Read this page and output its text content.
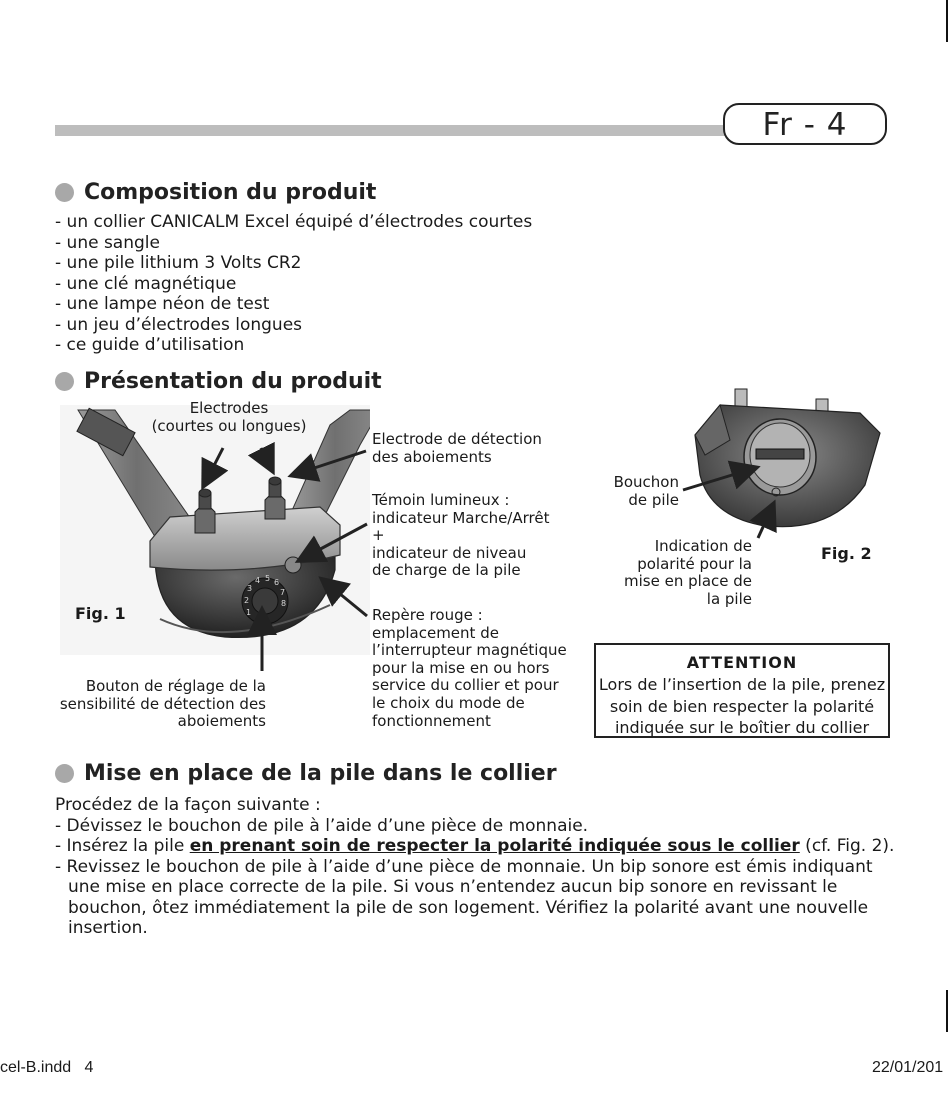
Fr - 4
Composition du produit
- un collier CANICALM Excel équipé d’électrodes courtes
- une sangle
- une pile lithium 3 Volts CR2
- une clé magnétique
- une lampe néon de test
- un jeu d’électrodes longues
- ce guide d’utilisation
Présentation du produit
1
2
3
4 5 6
7
8
Electrodes
(courtes ou longues)
Electrode de détection
des aboiements
Témoin lumineux :
indicateur Marche/Arrêt
+
indicateur de niveau
de charge de la pile
Repère rouge :
emplacement de
l’interrupteur magnétique
pour la mise en ou hors
service du collier et pour
le choix du mode de
fonctionnement
Bouton de réglage de la
sensibilité de détection des
aboiements
Fig. 1
Bouchon
de pile
Indication de
polarité pour la
mise en place de
la pile
Fig. 2
ATTENTION
Lors de l’insertion de la pile, prenez
soin de bien respecter la polarité
indiquée sur le boîtier du collier
Mise en place de la pile dans le collier
Procédez de la façon suivante :
- Dévissez le bouchon de pile à l’aide d’une pièce de monnaie.
- Insérez la pile en prenant soin de respecter la polarité indiquée sous le collier (cf. Fig. 2).
- Revissez le bouchon de pile à l’aide d’une pièce de monnaie. Un bip sonore est émis indiquant une mise en place correcte de la pile. Si vous n’entendez aucun bip sonore en revissant le bouchon, ôtez immédiatement la pile de son logement. Vérifiez la polarité avant une nouvelle insertion.
cel-B.indd   4	22/01/201
